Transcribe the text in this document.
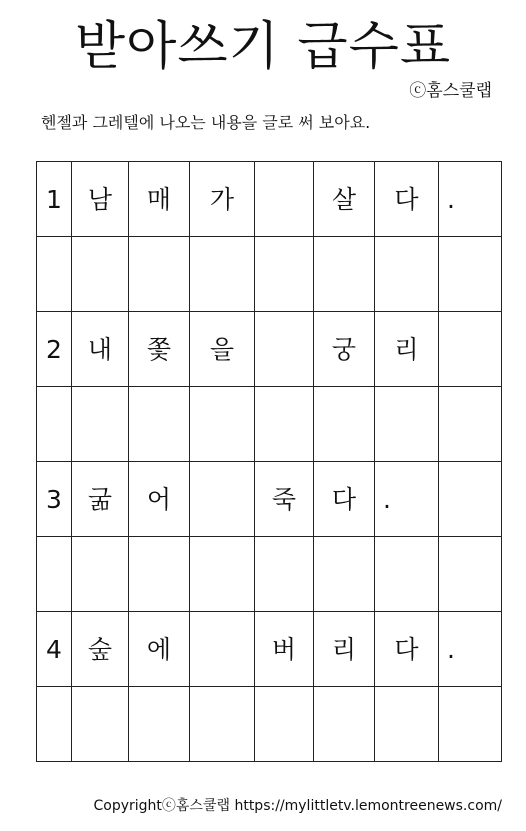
받아쓰기 급수표
ⓒ홈스쿨랩
헨젤과 그레텔에 나오는 내용을 글로 써 보아요.
1	남	매	가		살	다	.

2	내	쫓	을		궁	리	

3	굶	어		죽	다	.	

4	숲	에		버	리	다	.

Copyrightⓒ홈스쿨랩 https://mylittletv.lemontreenews.com/
